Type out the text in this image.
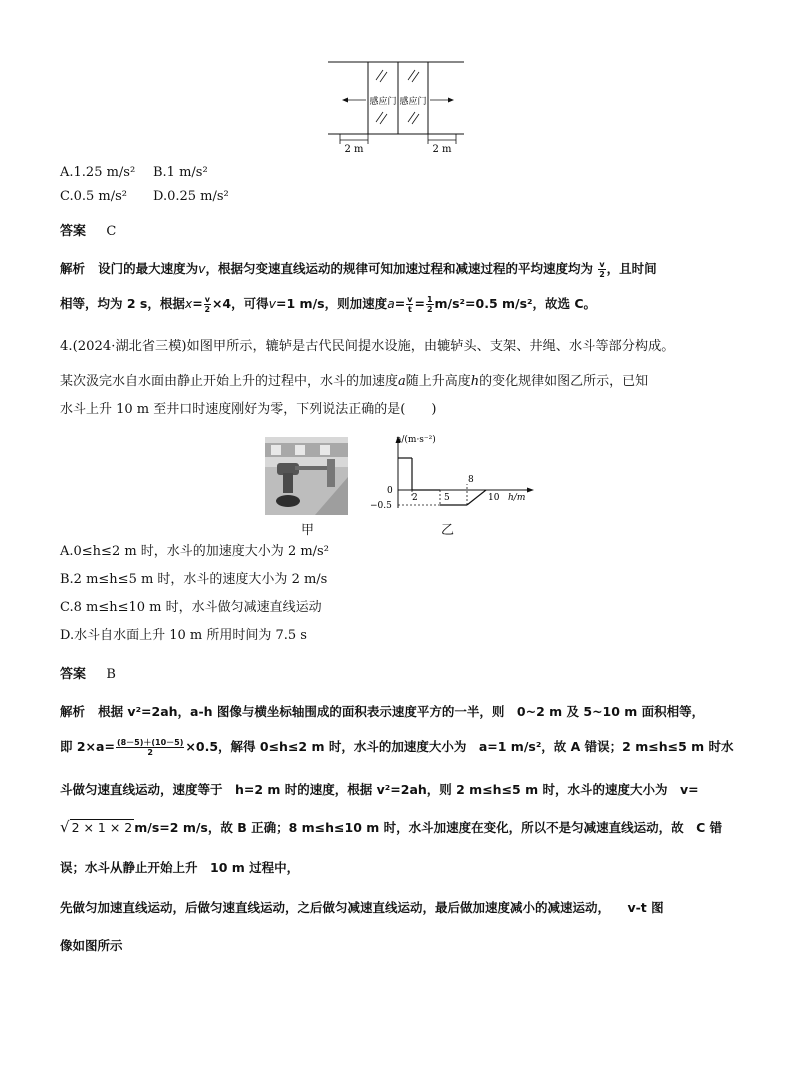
感应门 感应门
2 m	2 m
A.1.25 m/s² B.1 m/s²
C.0.5 m/s² D.0.25 m/s²
答案 C
解析 设门的最大速度为v，根据匀变速直线运动的规律可知加速过程和减速过程的平均速度均为 $\frac{v}{2}$ ，且时间
相等，均为 2 s，根据$x= \frac{v}{2} \times 4$，可得v=1 m/s，则加速度$a= \frac{v}{t} = \frac{1}{2} m/s^2=0.5$ m/s²，故选 C。
4.(2024·湖北省三模)如图甲所示，辘轳是古代民间提水设施，由辘轳头、支架、井绳、水斗等部分构成。
某次汲完水自水面由静止开始上升的过程中，水斗的加速度a随上升高度h的变化规律如图乙所示，已知
水斗上升 10 m 至井口时速度刚好为零，下列说法正确的是(　　)
甲
a/(m·s⁻²)
h/m
0
−0.5
2	5
8
10
乙
A.0≤h≤2 m 时，水斗的加速度大小为 2 m/s²
B.2 m≤h≤5 m 时，水斗的速度大小为 2 m/s
C.8 m≤h≤10 m 时，水斗做匀减速直线运动
D.水斗自水面上升 10 m 所用时间为 7.5 s
答案 B
解析 根据 v²=2ah，a-h 图像与横坐标轴围成的面积表示速度平方的一半，则　0~2 m 及 5~10 m 面积相等，
即 $2\times a= \frac{(8-5)+(10-5)}{2} \times 0.5$，解得 0≤h≤2 m 时，水斗的加速度大小为　a=1 m/s²，故 A 错误；2 m≤h≤5 m 时水
斗做匀速直线运动，速度等于　h=2 m 时的速度，根据 v²=2ah，则 2 m≤h≤5 m 时，水斗的速度大小为　v=
√ 2 × 1 × 2 m/s=2 m/s，故 B 正确；8 m≤h≤10 m 时，水斗加速度在变化，所以不是匀减速直线运动，故　C 错
误；水斗从静止开始上升　10 m 过程中，
先做匀加速直线运动，后做匀速直线运动，之后做匀减速直线运动，最后做加速度减小的减速运动， v-t 图
像如图所示
